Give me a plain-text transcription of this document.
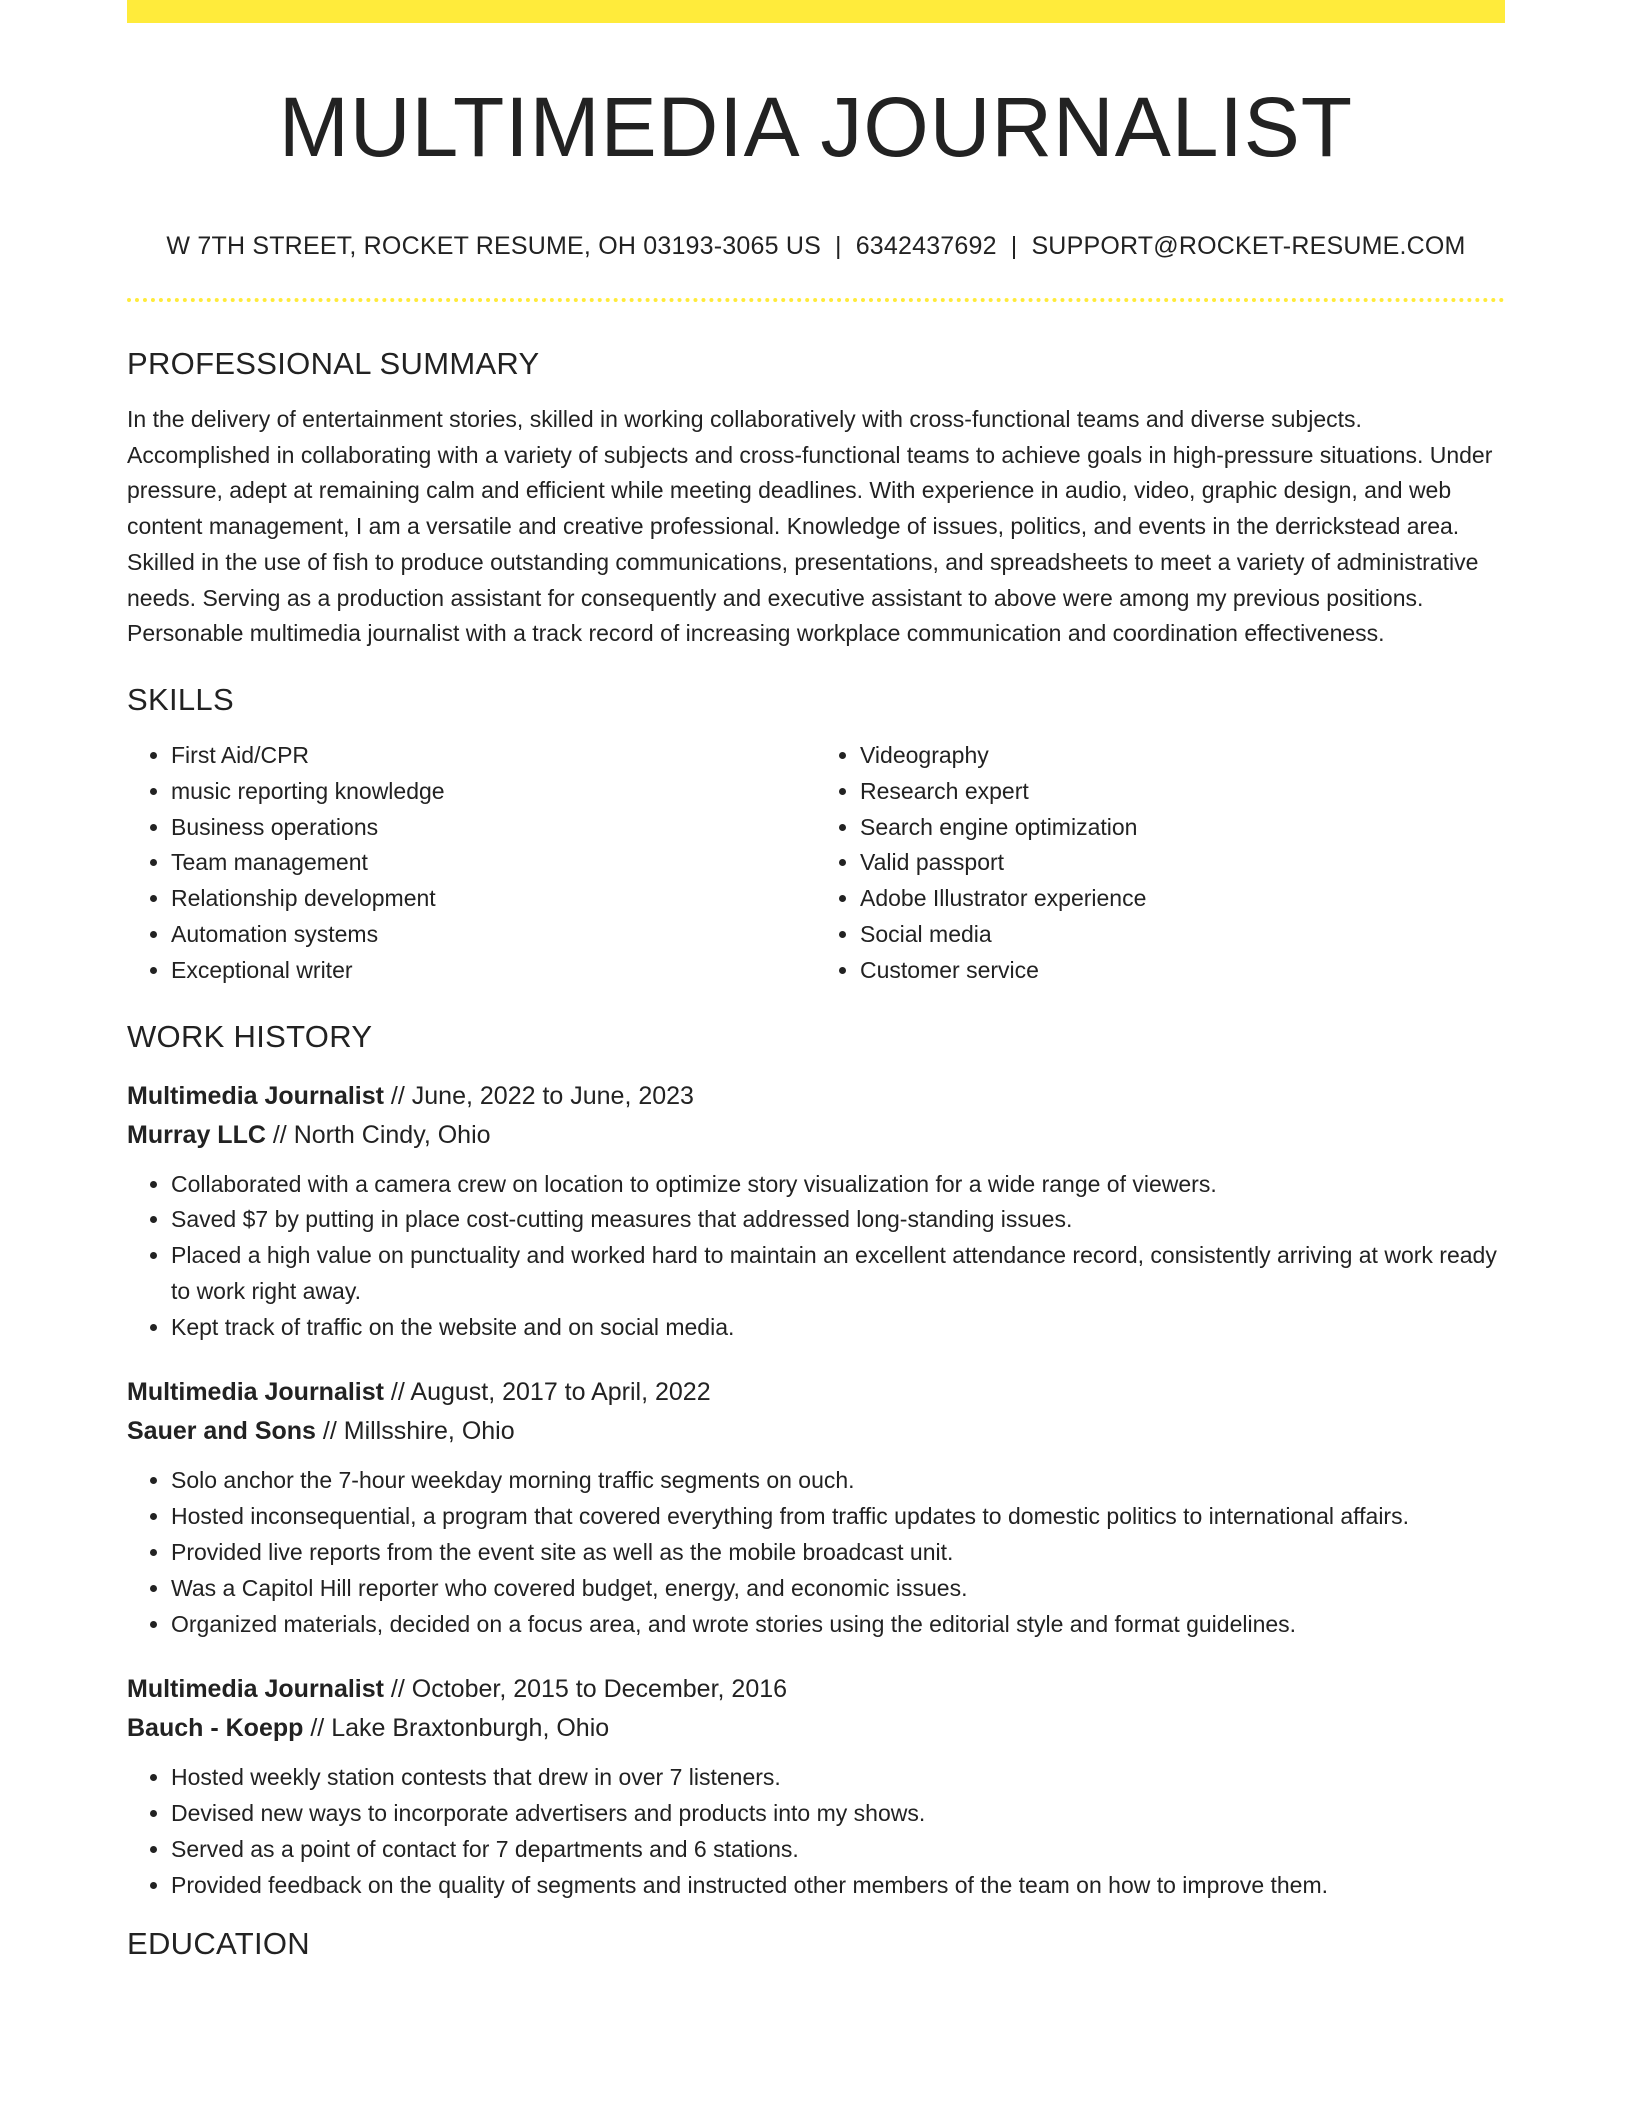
MULTIMEDIA JOURNALIST
W 7TH STREET, ROCKET RESUME, OH 03193-3065 US | 6342437692 | SUPPORT@ROCKET-RESUME.COM
PROFESSIONAL SUMMARY

In the delivery of entertainment stories, skilled in working collaboratively with cross-functional teams and diverse subjects. Accomplished in collaborating with a variety of subjects and cross-functional teams to achieve goals in high-pressure situations. Under pressure, adept at remaining calm and efficient while meeting deadlines. With experience in audio, video, graphic design, and web content management, I am a versatile and creative professional. Knowledge of issues, politics, and events in the derrickstead area. Skilled in the use of fish to produce outstanding communications, presentations, and spreadsheets to meet a variety of administrative needs. Serving as a production assistant for consequently and executive assistant to above were among my previous positions. Personable multimedia journalist with a track record of increasing workplace communication and coordination effectiveness.

SKILLS
• First Aid/CPR
• music reporting knowledge
• Business operations
• Team management
• Relationship development
• Automation systems
• Exceptional writer
• Videography
• Research expert
• Search engine optimization
• Valid passport
• Adobe Illustrator experience
• Social media
• Customer service
WORK HISTORY
Multimedia Journalist // June, 2022 to June, 2023
Murray LLC // North Cindy, Ohio
• Collaborated with a camera crew on location to optimize story visualization for a wide range of viewers.
• Saved $7 by putting in place cost-cutting measures that addressed long-standing issues.
• Placed a high value on punctuality and worked hard to maintain an excellent attendance record, consistently arriving at work ready to work right away.
• Kept track of traffic on the website and on social media.
Multimedia Journalist // August, 2017 to April, 2022
Sauer and Sons // Millsshire, Ohio
• Solo anchor the 7-hour weekday morning traffic segments on ouch.
• Hosted inconsequential, a program that covered everything from traffic updates to domestic politics to international affairs.
• Provided live reports from the event site as well as the mobile broadcast unit.
• Was a Capitol Hill reporter who covered budget, energy, and economic issues.
• Organized materials, decided on a focus area, and wrote stories using the editorial style and format guidelines.
Multimedia Journalist // October, 2015 to December, 2016
Bauch - Koepp // Lake Braxtonburgh, Ohio
• Hosted weekly station contests that drew in over 7 listeners.
• Devised new ways to incorporate advertisers and products into my shows.
• Served as a point of contact for 7 departments and 6 stations.
• Provided feedback on the quality of segments and instructed other members of the team on how to improve them.
EDUCATION
